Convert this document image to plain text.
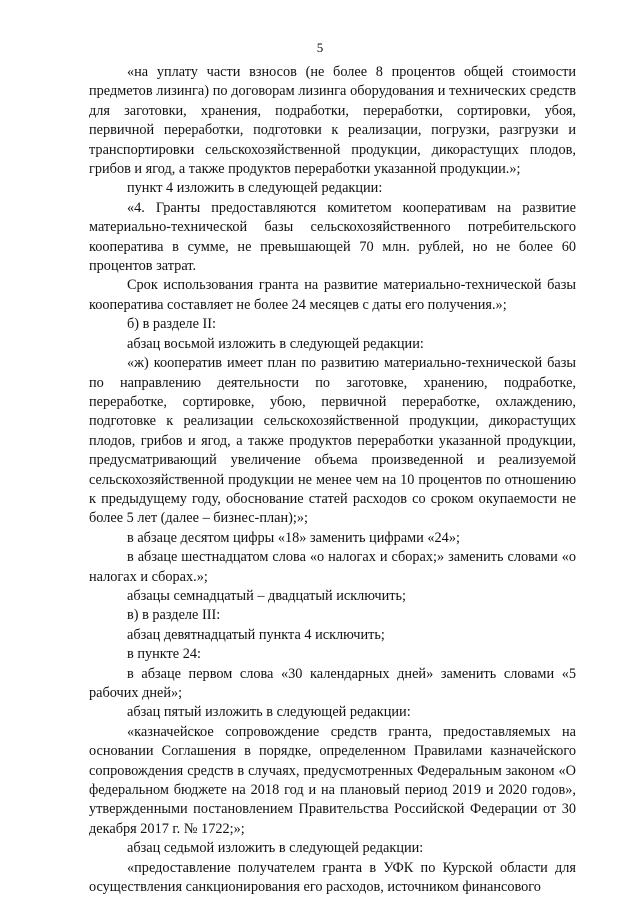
5

«на уплату части взносов (не более 8 процентов общей стоимости предметов лизинга) по договорам лизинга оборудования и технических средств для заготовки, хранения, подработки, переработки, сортировки, убоя, первичной переработки, подготовки к реализации, погрузки, разгрузки и транспортировки сельскохозяйственной продукции, дикорастущих плодов, грибов и ягод, а также продуктов переработки указанной продукции.»;

пункт 4 изложить в следующей редакции:

«4. Гранты предоставляются комитетом кооперативам на развитие материально-технической базы сельскохозяйственного потребительского кооператива в сумме, не превышающей 70 млн. рублей, но не более 60 процентов затрат.

Срок использования гранта на развитие материально-технической базы кооператива составляет не более 24 месяцев с даты его получения.»;

б) в разделе II:

абзац восьмой изложить в следующей редакции:

«ж) кооператив имеет план по развитию материально-технической базы по направлению деятельности по заготовке, хранению, подработке, переработке, сортировке, убою, первичной переработке, охлаждению, подготовке к реализации сельскохозяйственной продукции, дикорастущих плодов, грибов и ягод, а также продуктов переработки указанной продукции, предусматривающий увеличение объема произведенной и реализуемой сельскохозяйственной продукции не менее чем на 10 процентов по отношению к предыдущему году, обоснование статей расходов со сроком окупаемости не более 5 лет (далее – бизнес-план);»;

в абзаце десятом цифры «18» заменить цифрами «24»;

в абзаце шестнадцатом слова «о налогах и сборах;» заменить словами «о налогах и сборах.»;

абзацы семнадцатый – двадцатый исключить;

в) в разделе III:

абзац девятнадцатый пункта 4 исключить;

в пункте 24:

в абзаце первом слова «30 календарных дней» заменить словами «5 рабочих дней»;

абзац пятый изложить в следующей редакции:

«казначейское сопровождение средств гранта, предоставляемых на основании Соглашения в порядке, определенном Правилами казначейского сопровождения средств в случаях, предусмотренных Федеральным законом «О федеральном бюджете на 2018 год и на плановый период 2019 и 2020 годов», утвержденными постановлением Правительства Российской Федерации от 30 декабря 2017 г. № 1722;»;

абзац седьмой изложить в следующей редакции:

«предоставление получателем гранта в УФК по Курской области для осуществления санкционирования его расходов, источником финансового
